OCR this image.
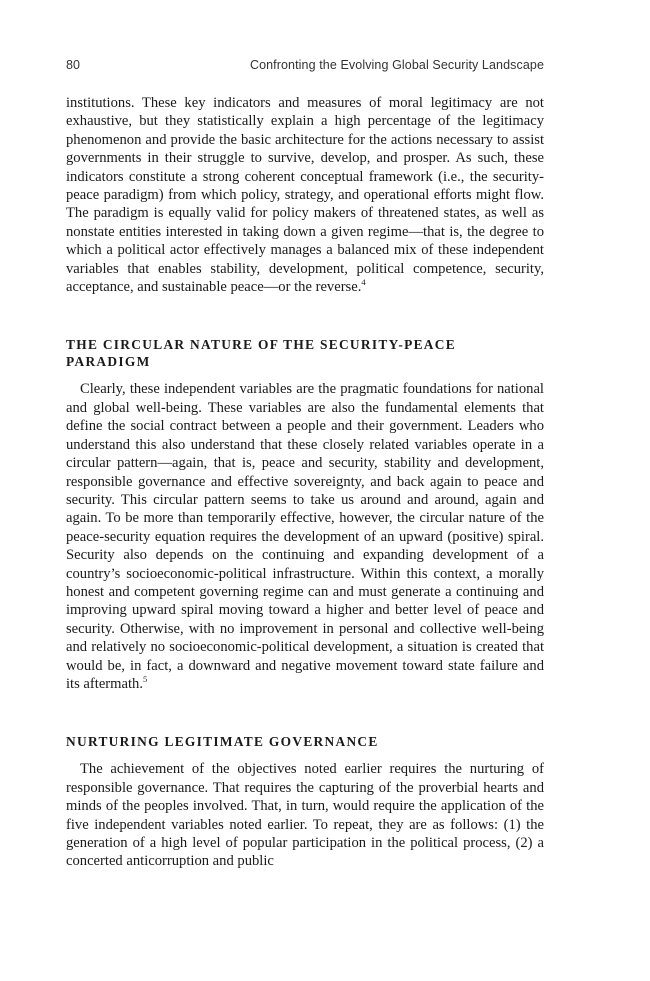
80	Confronting the Evolving Global Security Landscape

institutions. These key indicators and measures of moral legitimacy are not exhaustive, but they statistically explain a high percentage of the legitimacy phenomenon and provide the basic architecture for the actions necessary to assist governments in their struggle to survive, develop, and prosper. As such, these indicators constitute a strong coherent conceptual framework (i.e., the security-peace paradigm) from which policy, strategy, and operational efforts might flow. The paradigm is equally valid for policy makers of threatened states, as well as nonstate entities interested in taking down a given regime—that is, the degree to which a political actor effectively manages a balanced mix of these independent variables that enables stability, development, political competence, security, acceptance, and sustainable peace—or the reverse.$^4$

THE CIRCULAR NATURE OF THE SECURITY-PEACE PARADIGM

Clearly, these independent variables are the pragmatic foundations for national and global well-being. These variables are also the fundamental elements that define the social contract between a people and their government. Leaders who understand this also understand that these closely related variables operate in a circular pattern—again, that is, peace and security, stability and development, responsible governance and effective sovereignty, and back again to peace and security. This circular pattern seems to take us around and around, again and again. To be more than temporarily effective, however, the circular nature of the peace-security equation requires the development of an upward (positive) spiral. Security also depends on the continuing and expanding development of a country’s socioeconomic-political infrastructure. Within this context, a morally honest and competent governing regime can and must generate a continuing and improving upward spiral moving toward a higher and better level of peace and security. Otherwise, with no improvement in personal and collective well-being and relatively no socioeconomic-political development, a situation is created that would be, in fact, a downward and negative movement toward state failure and its aftermath.$^5$

NURTURING LEGITIMATE GOVERNANCE

The achievement of the objectives noted earlier requires the nurturing of responsible governance. That requires the capturing of the proverbial hearts and minds of the peoples involved. That, in turn, would require the application of the five independent variables noted earlier. To repeat, they are as follows: (1) the generation of a high level of popular participation in the political process, (2) a concerted anticorruption and public
